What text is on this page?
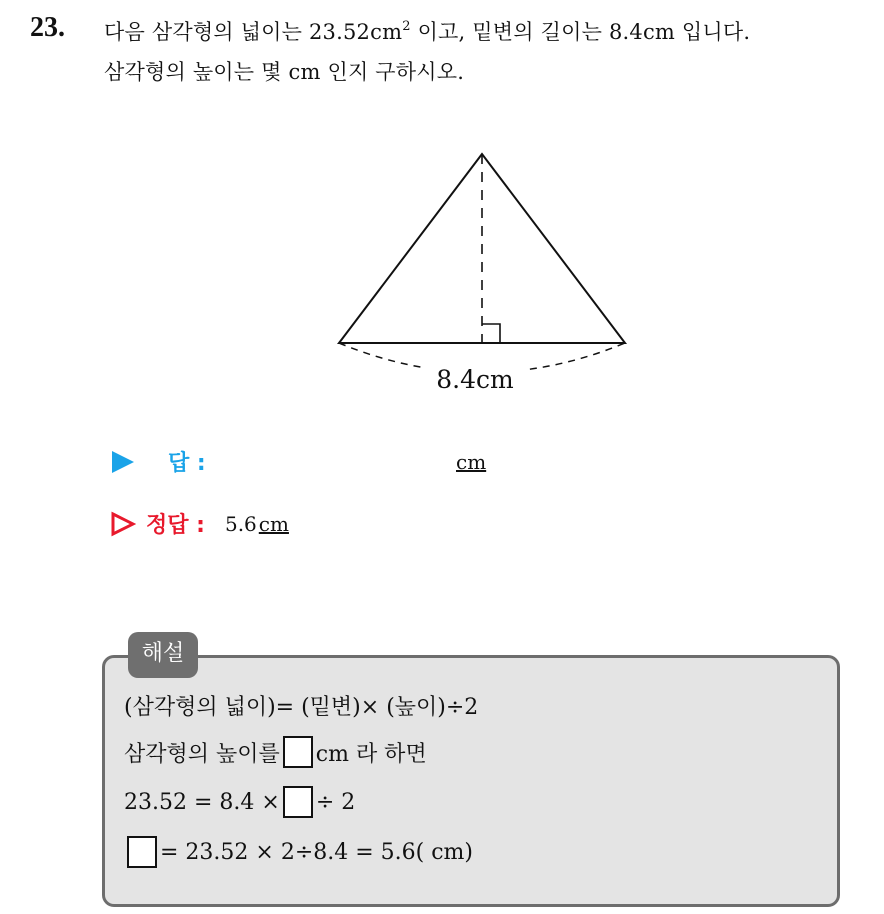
23. 다음 삼각형의 넓이는 $23.52cm^2$ 이고, 밑변의 길이는 8.4cm 입니다.
삼각형의 높이는 몇 cm 인지 구하시오.
8.4cm
답 :	cm
정답 : 5.6 cm
해설
(삼각형의 넓이)= (밑변)× (높이)÷2
삼각형의 높이를 cm 라 하면
23.52 = 8.4 × ÷ 2
= 23.52 × 2÷8.4 = 5.6( cm)
